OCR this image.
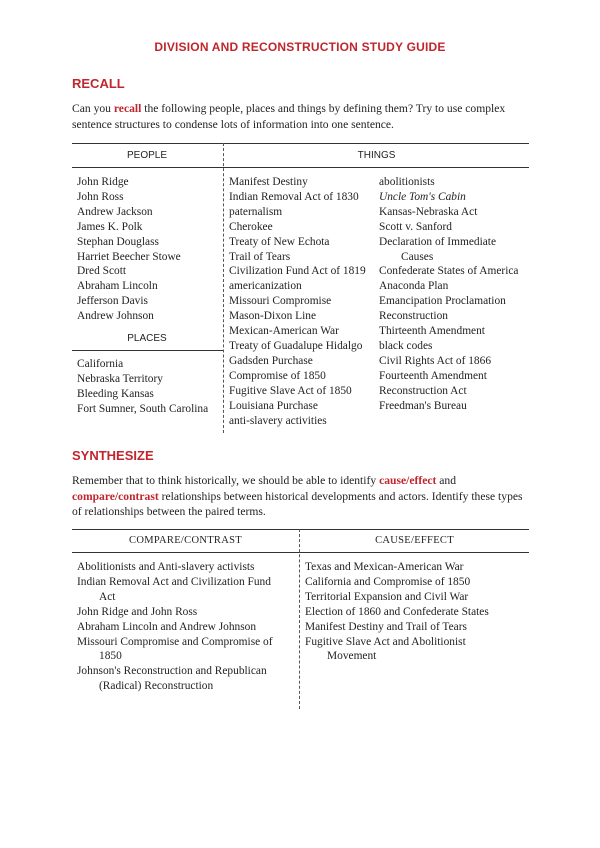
DIVISION AND RECONSTRUCTION STUDY GUIDE
RECALL
Can you recall the following people, places and things by defining them? Try to use complex sentence structures to condense lots of information into one sentence.
PEOPLE	THINGS
John Ridge
John Ross
Andrew Jackson
James K. Polk
Stephan Douglass
Harriet Beecher Stowe
Dred Scott
Abraham Lincoln
Jefferson Davis
Andrew Johnson
PLACES
California
Nebraska Territory
Bleeding Kansas
Fort Sumner, South Carolina
Manifest Destiny
Indian Removal Act of 1830
paternalism
Cherokee
Treaty of New Echota
Trail of Tears
Civilization Fund Act of 1819
americanization
Missouri Compromise
Mason-Dixon Line
Mexican-American War
Treaty of Guadalupe Hidalgo
Gadsden Purchase
Compromise of 1850
Fugitive Slave Act of 1850
Louisiana Purchase
anti-slavery activities
abolitionists
Uncle Tom's Cabin
Kansas-Nebraska Act
Scott v. Sanford
Declaration of Immediate Causes
Confederate States of America
Anaconda Plan
Emancipation Proclamation
Reconstruction
Thirteenth Amendment
black codes
Civil Rights Act of 1866
Fourteenth Amendment
Reconstruction Act
Freedman's Bureau
SYNTHESIZE
Remember that to think historically, we should be able to identify cause/effect and compare/contrast relationships between historical developments and actors. Identify these types of relationships between the paired terms.
COMPARE/CONTRAST	CAUSE/EFFECT
Abolitionists and Anti-slavery activists
Indian Removal Act and Civilization Fund Act
John Ridge and John Ross
Abraham Lincoln and Andrew Johnson
Missouri Compromise and Compromise of 1850
Johnson's Reconstruction and Republican (Radical) Reconstruction
Texas and Mexican-American War
California and Compromise of 1850
Territorial Expansion and Civil War
Election of 1860 and Confederate States
Manifest Destiny and Trail of Tears
Fugitive Slave Act and Abolitionist Movement
